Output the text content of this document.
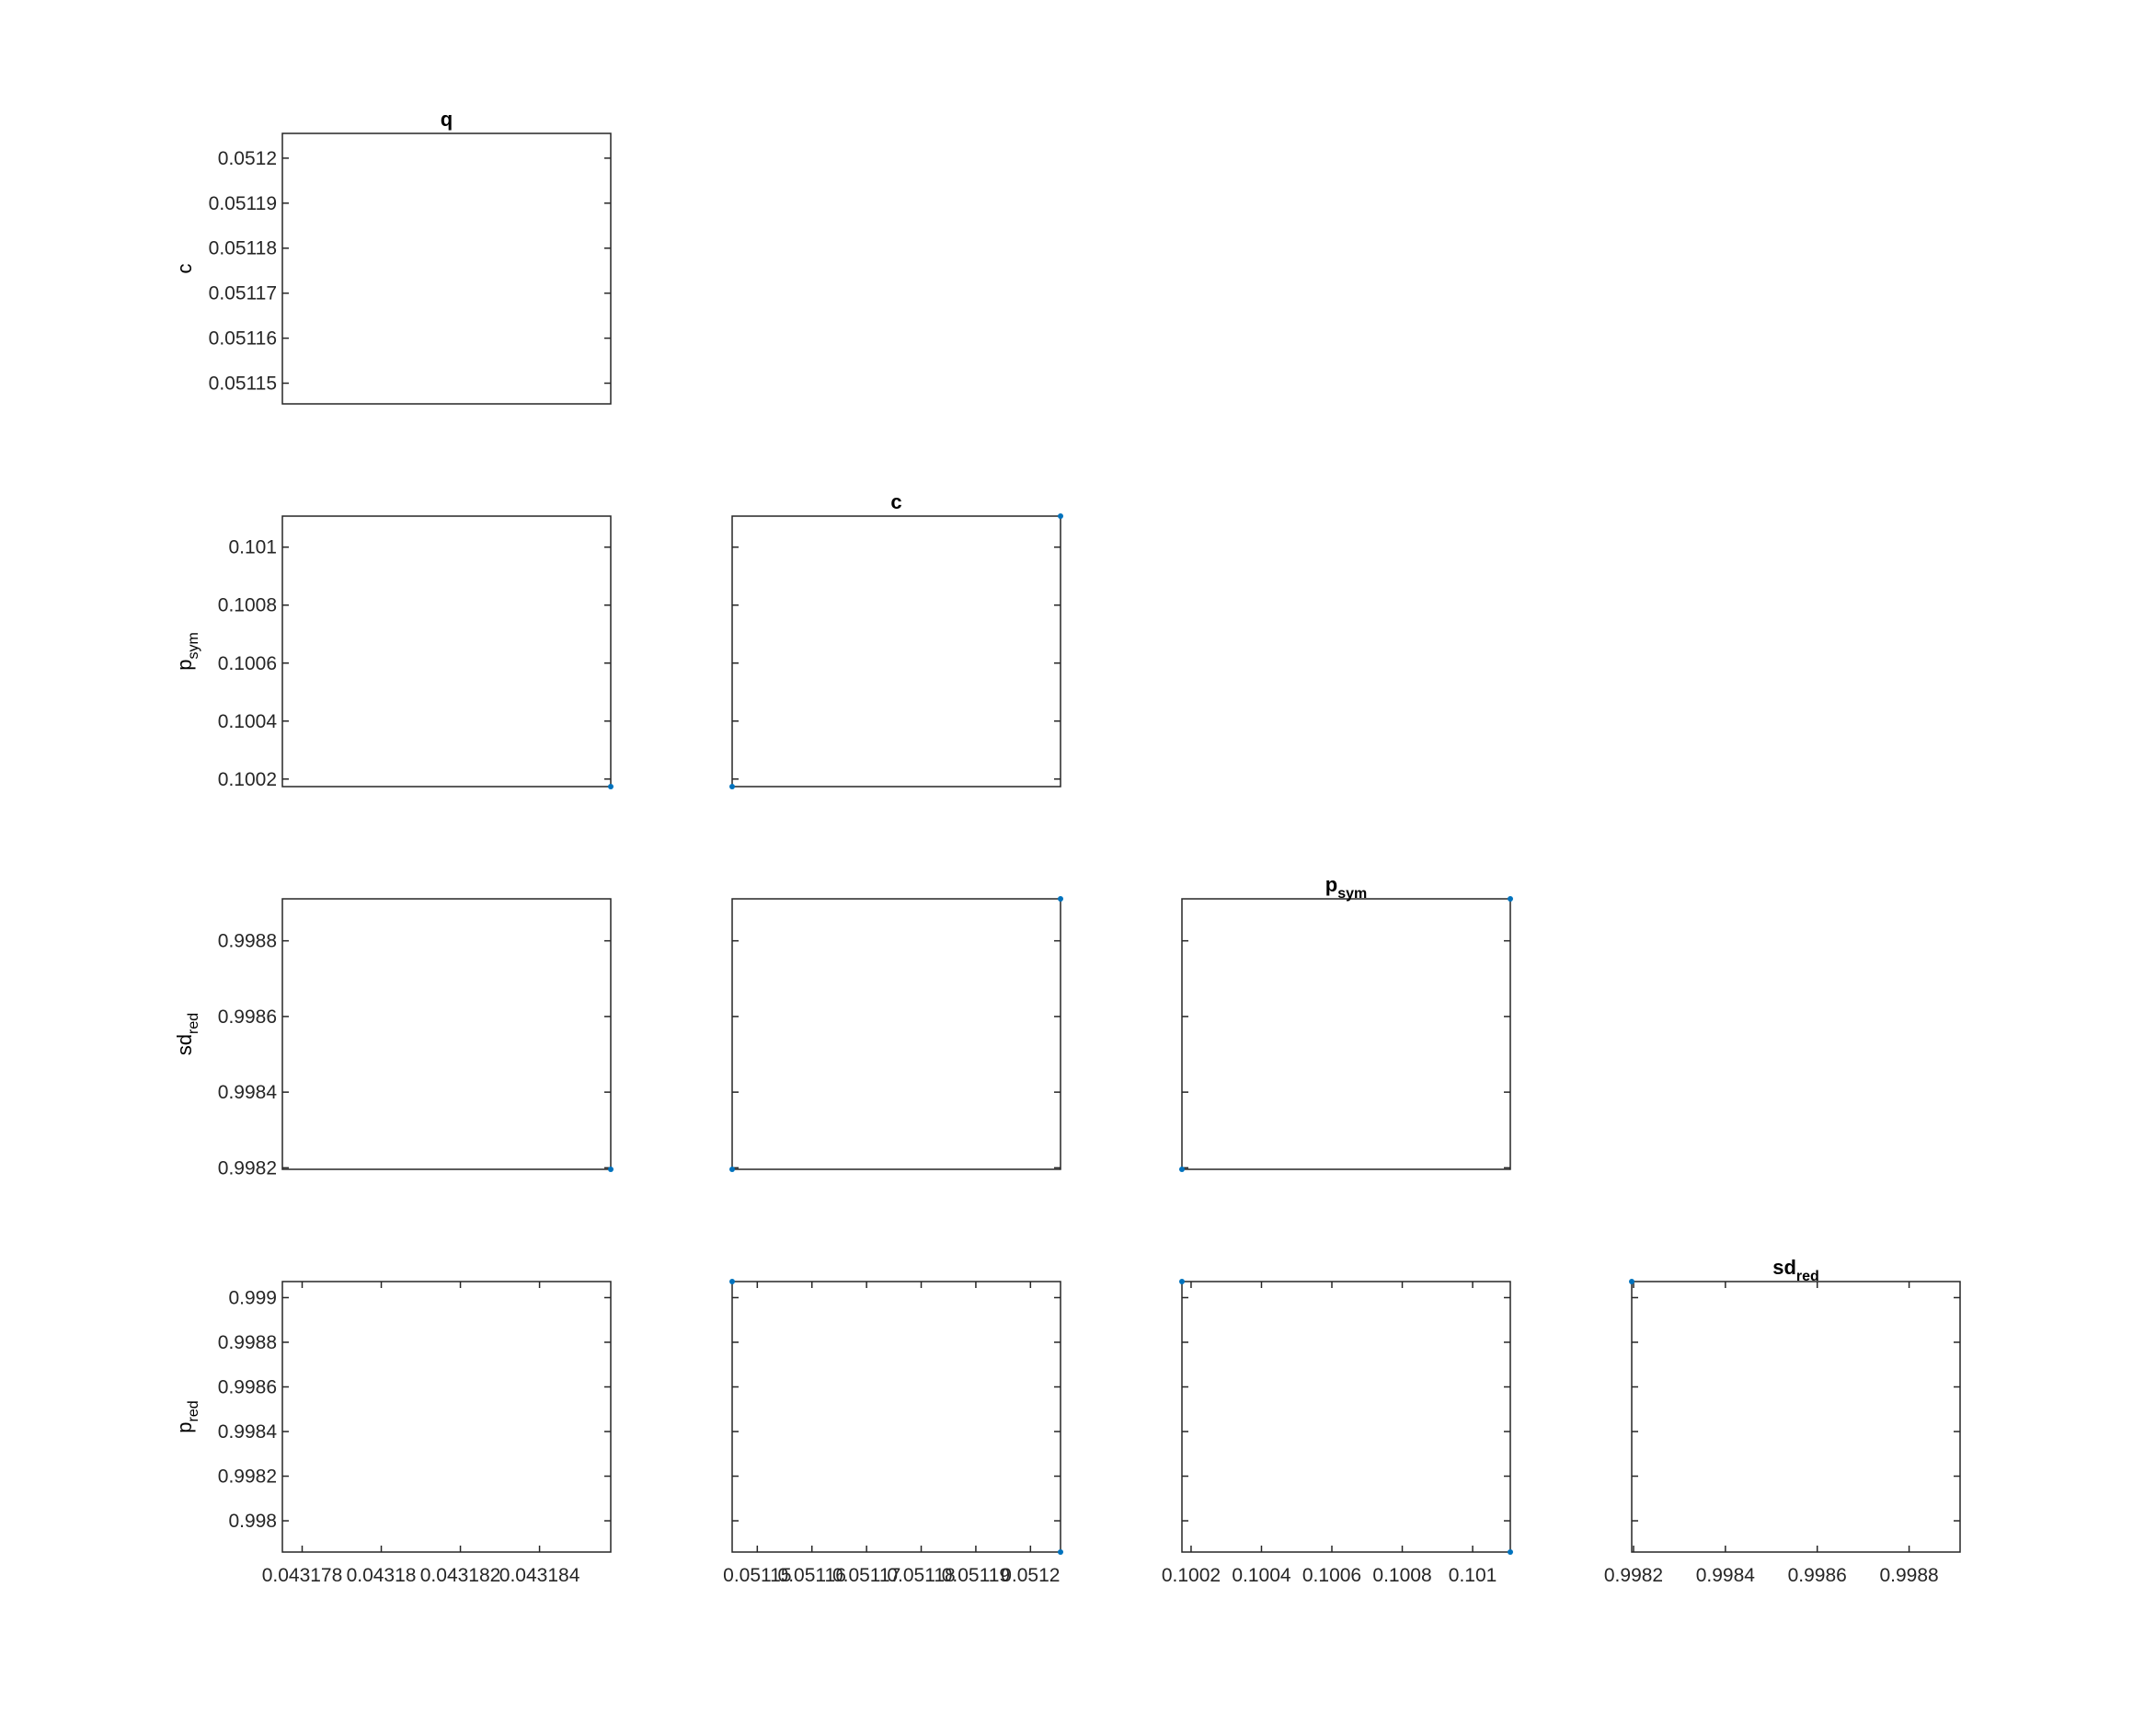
0.05115
0.05116
0.05117
0.05118
0.05119
0.0512
q
c
0.1002
0.1004
0.1006
0.1008
0.101
$p_{sym}$
c
0.9982
0.9984
0.9986
0.9988
$sd_{red}$
$p_{sym}$
0.998
0.9982
0.9984
0.9986
0.9988
0.999
0.043178 0.04318 0.043182
0.043184
$p_{red}$
0.05115
0.05116
0.05117
0.05118
0.05119
0.0512	0.1002 0.1004 0.1006 0.1008 0.101	0.9982 0.9984 0.9986 0.9988
$sd_{red}$
